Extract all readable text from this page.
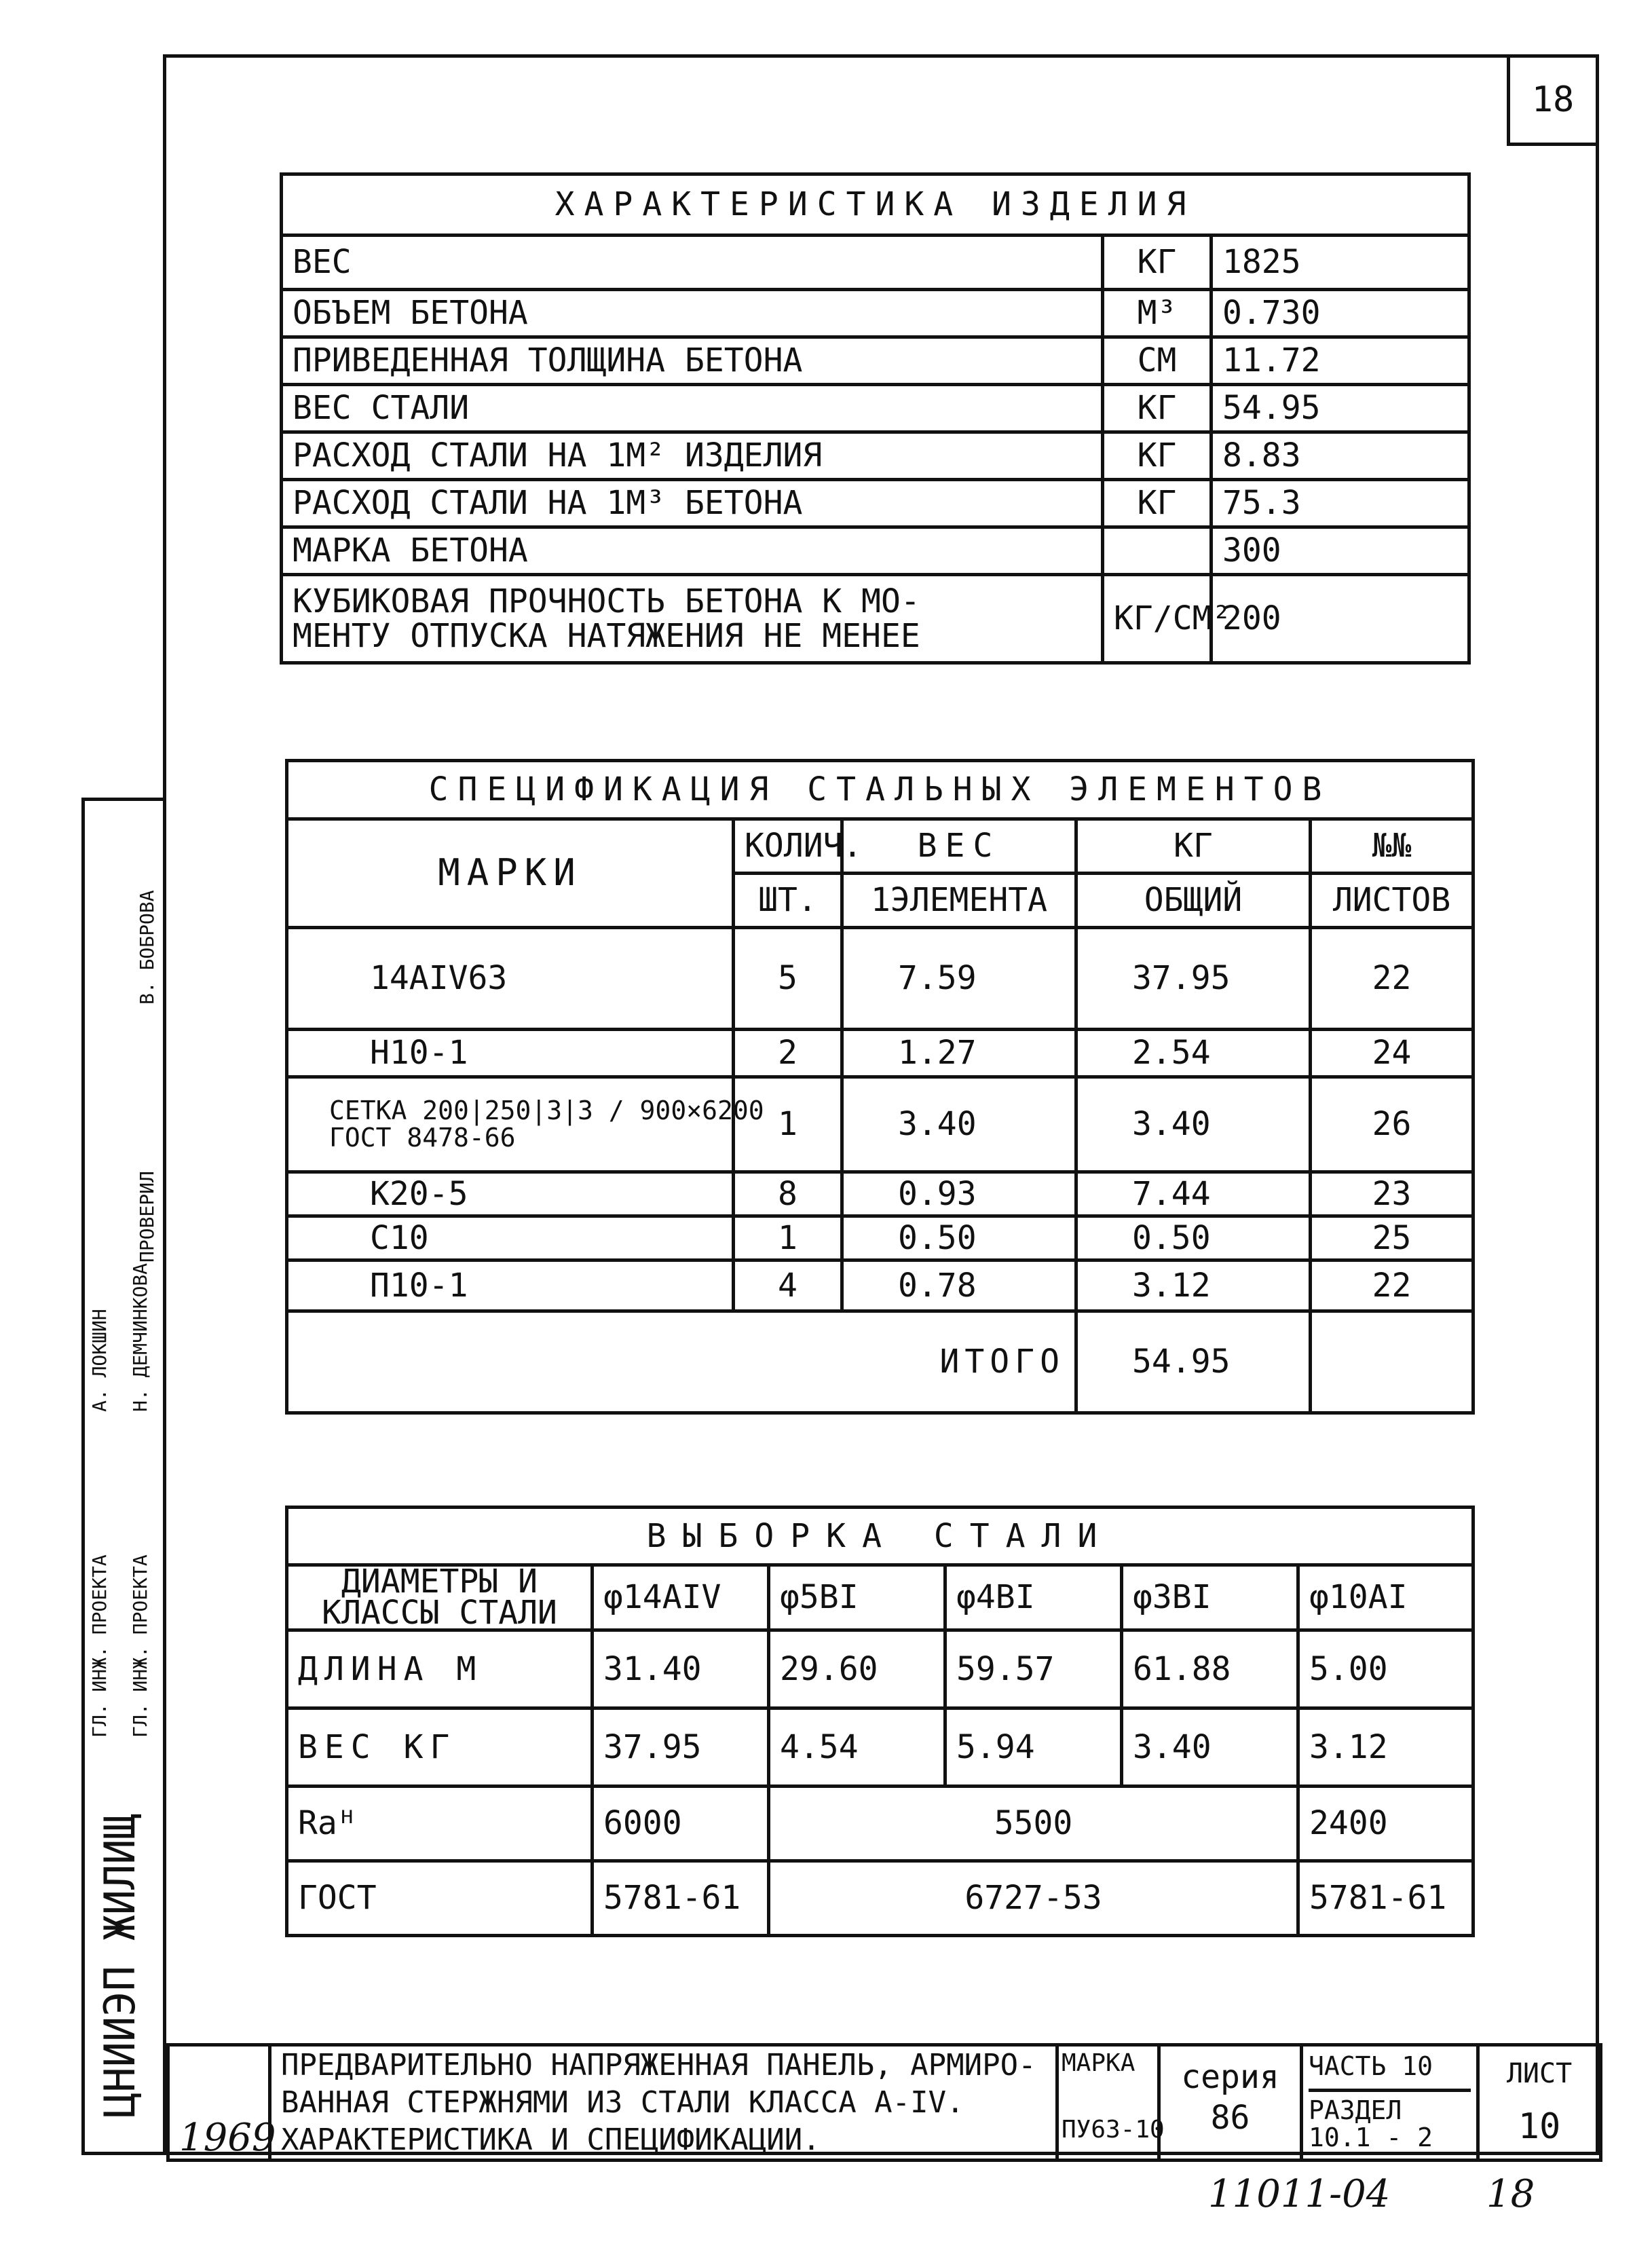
18
ХАРАКТЕРИСТИКА ИЗДЕЛИЯ		
ВЕС	КГ	1825
ОБЪЕМ БЕТОНА	М³	0.730
ПРИВЕДЕННАЯ ТОЛЩИНА БЕТОНА	СМ	11.72
ВЕС СТАЛИ	КГ	54.95
РАСХОД СТАЛИ НА 1М² ИЗДЕЛИЯ	КГ	8.83
РАСХОД СТАЛИ НА 1М³ БЕТОНА	КГ	75.3
МАРКА БЕТОНА		300

КУБИКОВАЯ ПРОЧНОСТЬ БЕТОНА К МО-
МЕНТУ ОТПУСКА НАТЯЖЕНИЯ НЕ МЕНЕЕ	КГ/СМ²	200
СПЕЦИФИКАЦИЯ СТАЛЬНЫХ ЭЛЕМЕНТОВ				
МАРКИ	КОЛИЧ.	ВЕС	КГ	№№
	ШТ.	1ЭЛЕМЕНТА	ОБЩИЙ	ЛИСТОВ
14AIV63	5	7.59	37.95	22
Н10-1	2	1.27	2.54	24

СЕТКА 200|250|3|3 / 900×6200
ГОСТ 8478-66	1	3.40	3.40	26
К20-5	8	0.93	7.44	23
С10	1	0.50	0.50	25
П10-1	4	0.78	3.12	22
ИТОГО			54.95	
ВЫБОРКА СТАЛИ					
ДИАМЕТРЫ И КЛАССЫ СТАЛИ	φ14AIV	φ5BI	φ4BI	φ3BI	φ10AI
ДЛИНА М	31.40	29.60	59.57	61.88	5.00
ВЕС КГ	37.95	4.54	5.94	3.40	3.12
Rаᴴ	6000	5500			2400
ГОСТ	5781-61	6727-53			5781-61
ЦНИИЭП ЖИЛИЩ
ГЛ. ИНЖ. ПРОЕКТА ГЛ. ИНЖ. ПРОЕКТА
ПРОВЕРИЛ
А. ЛОКШИН Н. ДЕМЧИНКОВА
В. БОБРОВА
1969	
ПРЕДВАРИТЕЛЬНО НАПРЯЖЕННАЯ ПАНЕЛЬ, АРМИРО-
ВАННАЯ СТЕРЖНЯМИ ИЗ СТАЛИ КЛАССА А-IV.
ХАРАКТЕРИСТИКА И СПЕЦИФИКАЦИИ.

МАРКА
ПУ63-10

серия
86

ЧАСТЬ 10
РАЗДЕЛ
10.1 - 2

ЛИСТ
10
11011-04	18
